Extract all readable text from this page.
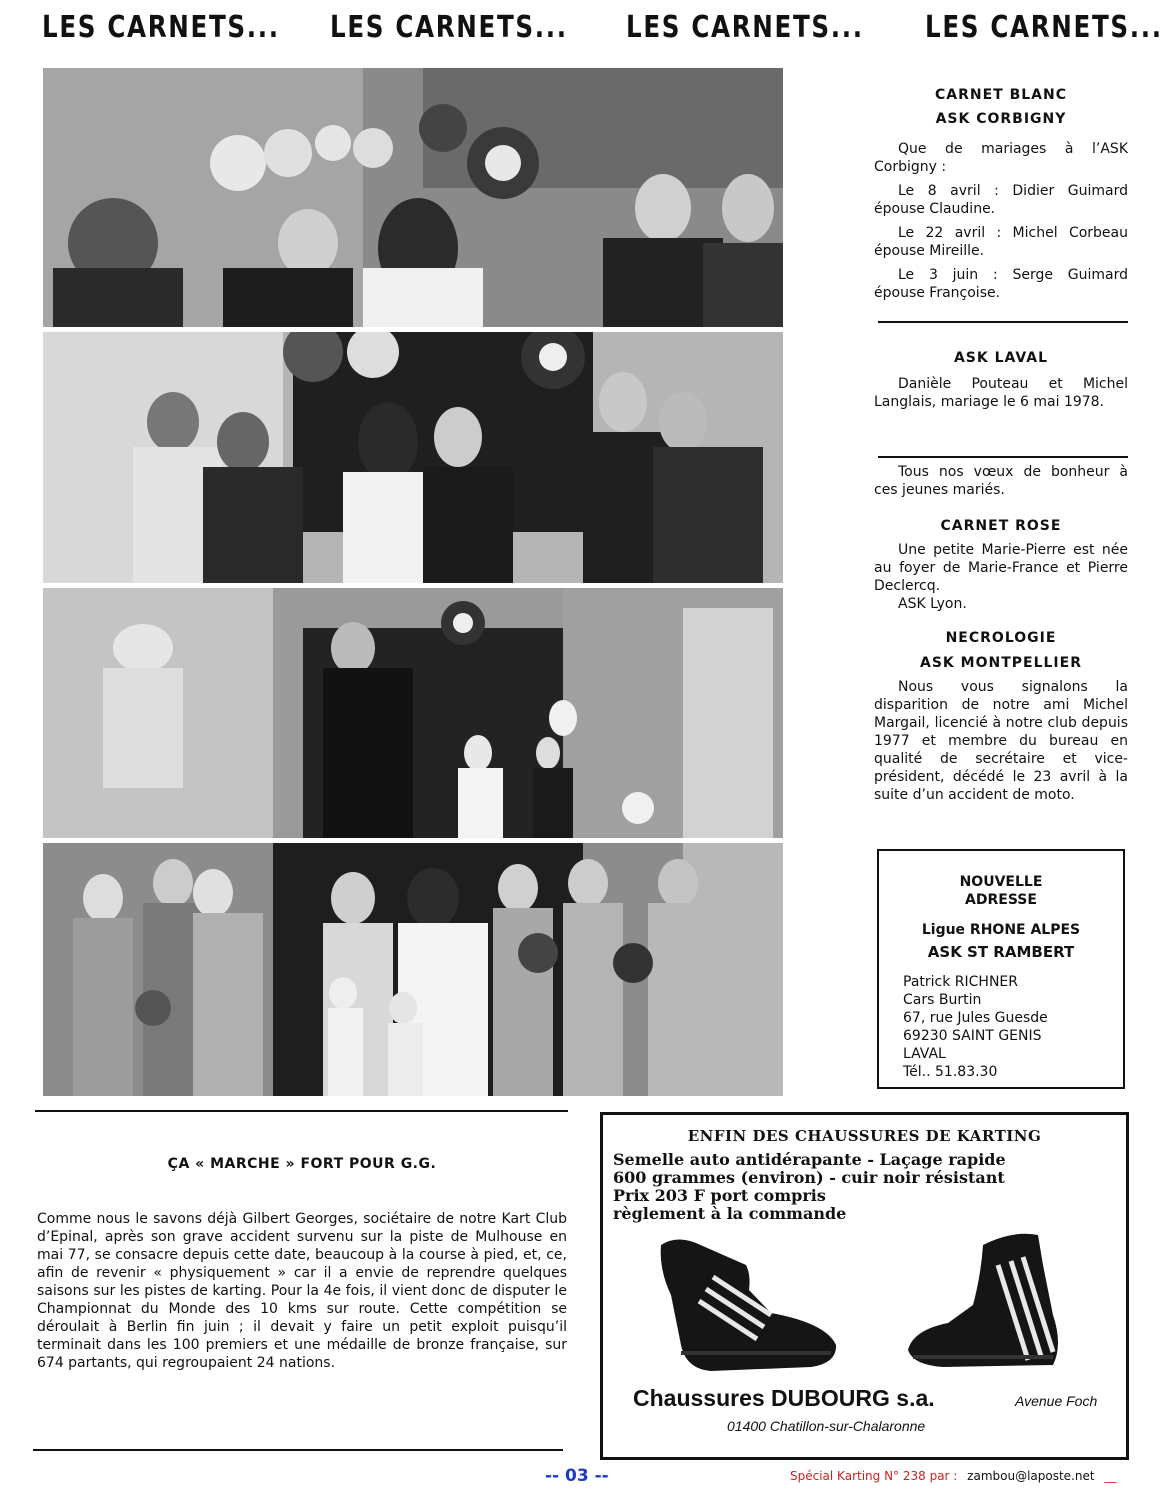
LES CARNETS... LES CARNETS... LES CARNETS... LES CARNETS...
CARNET BLANC
ASK CORBIGNY

Que de mariages à l’ASK Corbigny :

Le 8 avril : Didier Guimard épouse Claudine.

Le 22 avril : Michel Corbeau épouse Mireille.

Le 3 juin : Serge Guimard épouse Françoise.

ASK LAVAL

Danièle Pouteau et Michel Langlais, mariage le 6 mai 1978.

Tous nos vœux de bonheur à ces jeunes mariés.

CARNET ROSE

Une petite Marie-Pierre est née au foyer de Marie-France et Pierre Declercq.

ASK Lyon.

NECROLOGIE
ASK MONTPELLIER

Nous vous signalons la disparition de notre ami Michel Margail, licencié à notre club depuis 1977 et membre du bureau en qualité de secrétaire et vice-président, décédé le 23 avril à la suite d’un accident de moto.

NOUVELLE
ADRESSE
Ligue RHONE ALPES
ASK ST RAMBERT
Patrick RICHNER
Cars Burtin
67, rue Jules Guesde
69230 SAINT GENIS
LAVAL
Tél.. 51.83.30
ÇA « MARCHE » FORT POUR G.G.
Comme nous le savons déjà Gilbert Georges, sociétaire de notre Kart Club d’Epinal, après son grave accident survenu sur la piste de Mulhouse en mai 77, se consacre depuis cette date, beaucoup à la course à pied, et, ce, afin de revenir « physiquement » car il a envie de reprendre quelques saisons sur les pistes de karting. Pour la 4e fois, il vient donc de disputer le Championnat du Monde des 10 kms sur route. Cette compétition se déroulait à Berlin fin juin ; il devait y faire un petit exploit puisqu’il terminait dans les 100 premiers et une médaille de bronze française, sur 674 partants, qui regroupaient 24 nations.
ENFIN DES CHAUSSURES DE KARTING
Semelle auto antidérapante - Laçage rapide
600 grammes (environ) - cuir noir résistant
Prix 203 F port compris
règlement à la commande
Chaussures DUBOURG s.a.	Avenue Foch
01400 Chatillon-sur-Chalaronne
-- 03 --	Spécial Karting N° 238 par : zambou@laposte.net __
